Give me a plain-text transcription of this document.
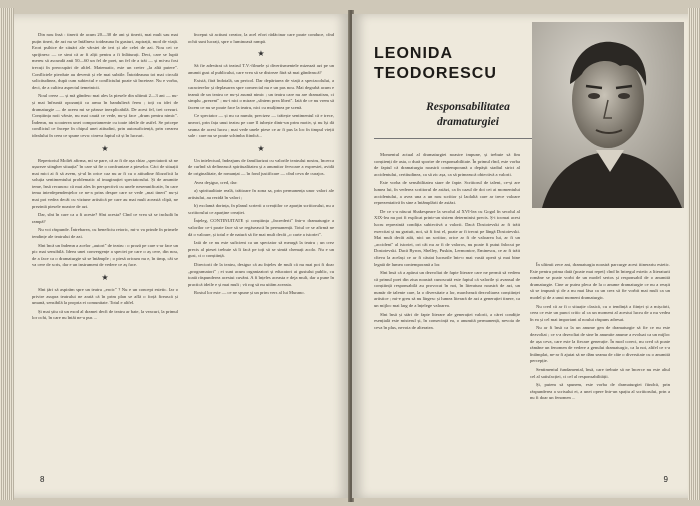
Din nou însă : tinerii de acum 20—30 de ani și tinerii, mai mult sau mai puțin tineri, de azi nu se întâlnesc totdeauna în gusturi, aspirații, mod de viață. Erori psihice de situări ale vârstei de ieri și ale celei de azi. Nou cei ce sprijinesc — ce simt că ar fi alții pentru a fi înlăturați. Deci, care se luptă mereu să ascundă anii 50—60 un fel de poet, un fel de a trăi — și mi-au fost trecuți în preocupări de altfel. Matematic, este un creier „la altă putere". Conflictele pierdute au devenit și ele mai subtile. Întotdeauna tot mai circulă solicitudinea, după cum subiectul e conflictului poate să înceteze. Nu e vorba, deci, de a cultiva aspectul temeinicii.

Noul creez — și mă gândesc mai ales la piesele din ultimii 2—3 ani — nu-și mai înfruntă opozanții ca arma în bandulieră ferm ; toți cu idei de dramaturgie — de aceea mi se păruse inexplicabilă. De acest fel, trei crezuri. Conștiința noii vârste, nu mai caută ce vede, nu-și face „drum pentru nimic". Îndemn, nu scoaterea unei comportamente cu toate ideile de astfel. Se pricepe conflictul ce începe în chipul unei atitudini, prin autosuficiență, prin crearea idealului în ceea ce spune ceva: cineva faptul că și în lucruri.

★

Repertoriul Moliéi afirma, mi se pare, că ar fi de așa chiar „spectatorii să ne ușureze stingher situația" în care să fie o confruntare a pieselor. Căci de situații mai mici ai fi să avem, și-ul în orice caz nu ar fi cu o atitudine filozofică la soluția sentimentului problematic al imaginației spectatorului. Și de anumite teme, însă recunosc că mai ales în perspectivă cu unele nesemnificativ, în care tema interdependențelor ce ne-a prins despre care se vede „mai tineri" nu-și mai pot vedea decât cu viziune artistică pe care au mai mult această clipă, ne prezintă piesele noastre de azi.

Dar, sînt în care ca a fi aceste? Sînt acesta? Cînd ce vrea să se includă în rampă?

Nu voi răspunde. Întrebarea, cu beneficiu retoric, mi-o va prinde în primele tendințe ale teatrului de azi.

Sînt încă un îndemn a acelor „autori" de teatru : o proză pe care s-ar face un pic mai sensibilă. Ideea unei convergențe a speciei pe care o aș cere, din nou, de a face ca o dramaturgie să se întâmple ; o piesă oricum nu e, în timp, cât se va cere de scris, dar e un instrument de vedere ce aș face.

★

Sînt țări să aspirăm spre un teatru „eroic" ? Nu e un concept estetic. Iar o privire asupra teatrului ne arată că în prim plan se află o forță firească și umană, sensibilă la propria ei comunitate. Totul e altfel.

Și mai știu că un exod al dramei decît de teatru ar bate, la veacuri, la primul lor ochi, în care nu întâi ne-a pus ...

început să actiuni creator, la acel efort rădăcinar care poate conduce, cînd ochii sunt lucrați, spre o luminoasă rampă.

★

Să fie adevărat că teatrul T.V.-filmele și divertismentele mizează azi pe un anumit gust al publicului, care vrea să se distreze fără să mai gândească?

Există, fără îndoială, un pericol. Dar depărtarea de viață a spectacolului, a caracterelor și deplasarea spre comercial nu e un pas nou. Mai degrabă acum e teamă de un teatru ce nu-și asumă nimic ; un teatru care nu are dramatism, ci simplu „prezent" ; nu-i nici o mirare „sîntem prea liberi". Iată de ce nu vrem să facem ce nu se poate face la teatru, nici cu mulțimea pe scenă.

Ce spectator — și nu ca număr, precizez — trăiește sentimentul că e trece, uneori, prin fața unui teatru pe care îl iubește dintr-un prim motiv, și nu își dă seama de acest lucru ; mai vede unele piese ce ar fi pus la loc în timpul vieții sale : care nu se poate schimba fiindcă...

★

Un intelectual, îndeajuns de familiarizat cu valorile teatrului nostru, încerca de curînd să definească spiritualitatea și a anumitor fervoare a expresiei, avidă de originalitate, de romanțat — în fond justificare — cînd ceva de curajos.

Avea deşigur, cred, dar:

a) spiritualitate reală, trăitoare în zona sa, prin permanența unor valori ale artistului, au rezidă în valori ;

b) exclamă dorința, în planul scrierii a creațiilor ce aparțin scriitorului, nu a scriitorului ce aparține creației.

Înțeleg, CONTINUITATE și conștiința „încrederii" într-o dramaturgie a valorilor ce-i poate face să se regăsească în permanență. Totul ce se afirmă ne dă o valoare, și totul e de natură să fie mai mult decât „o carte a istoriei".

Iată de ce nu este suficient ca un spectator să meargă la teatru ; un crez precis al piesei trebuie să îi facă pe toți să se simtă chemați acolo. Nu e un gust, ci o conștiință.

Directorii de la teatru, desigur că au înțeles de mult că nu mai pot fi doar „programatori" ; ei sunt acum organizatori și educatori ai gustului public, cu toată răspunderea acestui cuvânt. A fi înțeles aceasta e deja mult, dar a pune în practică ideile e și mai mult ; vă rog să nu uităm aceasta.

Rostul lor este — ce ne spune și un prim vers al lui Murano.

8
LEONIDA
TEODORESCU
Responsabilitatea
dramaturgiei

Momentul actual al dramaturgiei noastre impune, și trebuie să fim conștienți de asta, o dură sporire de responsabilitate. În primul rînd, este vorba de faptul că dramaturgia noastră contemporană a depășit stadiul strict al accidentului, certitudinea, ca să zic așa, ca să primească obiectivă a valorii.

Este vorba de sensibilitatea stare de fapte. Scriitorul de talent, ce-și are lumea lui, în vederea scriitorul de astăzi, ca în cazul de doi cei ai momentului accidentului, a avea una a un nou scriitor și laolaltă care ar trece valoare reprezentativă în sine a întâmplării de astăzi.

De ce s-a născut Shakespeare la secolul al XVI-lea cu Gogol în secolul al XIX-lea nu pot fi explicat printr-un sistem determinist precis. Ș-i tocmai acest lucru reprezintă condiția subiectivă a valorii. Dacă Dostoievski ar fi trăit exercitat și nu gratuit, noi, să fi fost el, poate ar fi trecut pe lângă Dostoievski. Mai mult decât atât, nici un scriitor, orice ar fi de valoarea lui, ar fi un „accident" al istoriei, ori cât nu ar fi de valoros, nu poate fi putut înlocui pe Dostoievski. Dacă Byron, Shelley, Puskin, Lermontov, Eminescu, ce ar fi trăit cîteva la același ce ar fi căutat lucrurile într-o mai vastă operă și mai bine legată de lumea contemporană a lor.

Sînt însă că a apărut un dezvoltat de fapte literare care ne permit să vedem că primul poet din ziua noastră cunoscută este faptul că valorile și avansul de conștiință responsabilă au provocat în noi, în literatura noastră de azi, un număr de talente care, la o diversitate a lor, marchează dezvoltarea conștiinței artistice ; mi-e greu să nu lărgesc și lumea literară de azi a generației tinere, ca un mijloc mai larg de a înțelege valoarea.

Sînt însă și stări de fapte literare ale generației valorii, a cărei condiție esențială este misterul și, în consecință ea, o anumită permanență, nevoia de ceva în plus, nevoia de alteratea.

În ultimii zece ani, dramaturgia noastră parcurge acest itinerariu estetic. Este pentru prima dată (poate mai repet) cînd în întregul estetic a literaturii române se poate vorbi de un model serios și responsabil de o anumită dramaturgie. Cine ar putea pleca de la o anume dramaturgie ce nu a reușit să se impună și de a nu mai lăsa ca un crez să fie vorbit mai mult ca un model și de a unui moment dramaturgic.

Nu cred că ar fi o situație clasică, cu o tendință a ființei și a mișcării, ceea ce este un punct critic al ca un moment al acestui lucru de a nu vedea în ea și cel mai important al noului răspuns adresat.

Nu ar fi însă ca la un anume gen de dramaturgie să fie ce nu este dezvoltat ; ce s-a dezvoltat de sine în anumite anume a evoluat ca un mijloc de așa ceva, care este la fiecare generație. În mod corect, nu cred că poate rămâne un fenomen de vedere a genului dramaturgic, ca la noi, altfel ce s-a întâmplat, ne-ar fi ajutat să ne dăm seama de câte o diversitate cu o anumită percepție.

Sentimentul fundamental, însă, care trebuie să ne încerce nu este altul cel al satisfacției, ci cel al responsabilității.

Și, putem să spunem, este vorba de dramaturgiei fiindcă, prin răspunderea a scrisului ei, a unei opere într-un spațiu al scriitorului, prin a nu fi doar un fenomen ...

9
